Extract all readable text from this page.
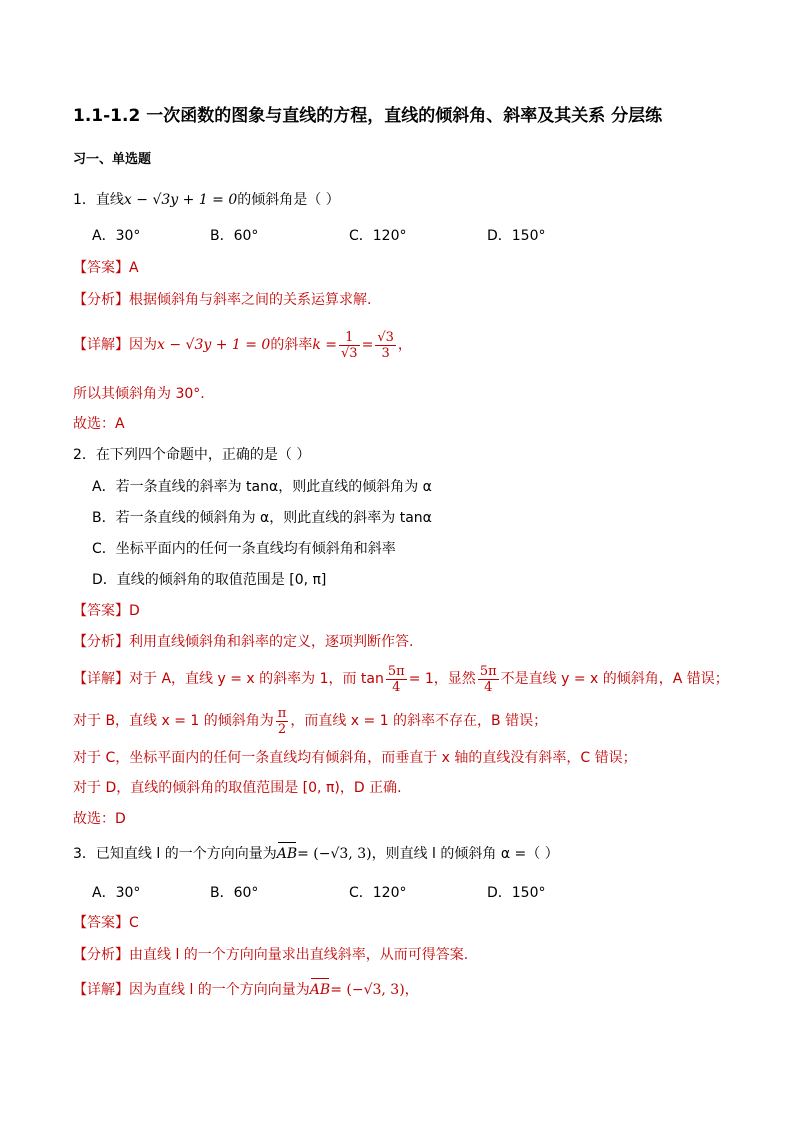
1.1-1.2 一次函数的图象与直线的方程，直线的倾斜角、斜率及其关系 分层练
习一、单选题
1．直线x − √3y + 1 = 0的倾斜角是（ ）
A．30°	B．60°	C．120°	D．150°
【答案】A
【分析】根据倾斜角与斜率之间的关系运算求解.
【详解】因为x − √3y + 1 = 0的斜率$k = \frac{1}{√3} = \frac{√3}{3}$ ，
所以其倾斜角为 30°.
故选：A
2．在下列四个命题中，正确的是（ ）
A．若一条直线的斜率为 tanα，则此直线的倾斜角为 α
B．若一条直线的倾斜角为 α，则此直线的斜率为 tanα
C．坐标平面内的任何一条直线均有倾斜角和斜率
D．直线的倾斜角的取值范围是 [0, π]
【答案】D
【分析】利用直线倾斜角和斜率的定义，逐项判断作答.
【详解】对于 A，直线 y = x 的斜率为 1，而 $\tan \frac{5\pi}{4} = 1$，显然 $\frac{5\pi}{4}$ 不是直线 y = x 的倾斜角，A 错误；
对于 B，直线 x = 1 的倾斜角为 $\frac{\pi}{2}$ ，而直线 x = 1 的斜率不存在，B 错误；
对于 C，坐标平面内的任何一条直线均有倾斜角，而垂直于 x 轴的直线没有斜率，C 错误；
对于 D，直线的倾斜角的取值范围是 [0, π)，D 正确.
故选：D
3．已知直线 l 的一个方向向量为AB= (−√3, 3)，则直线 l 的倾斜角 α =（ ）
A．30°	B．60°	C．120°	D．150°
【答案】C
【分析】由直线 l 的一个方向向量求出直线斜率，从而可得答案.
【详解】因为直线 l 的一个方向向量为AB= (−√3, 3)，
